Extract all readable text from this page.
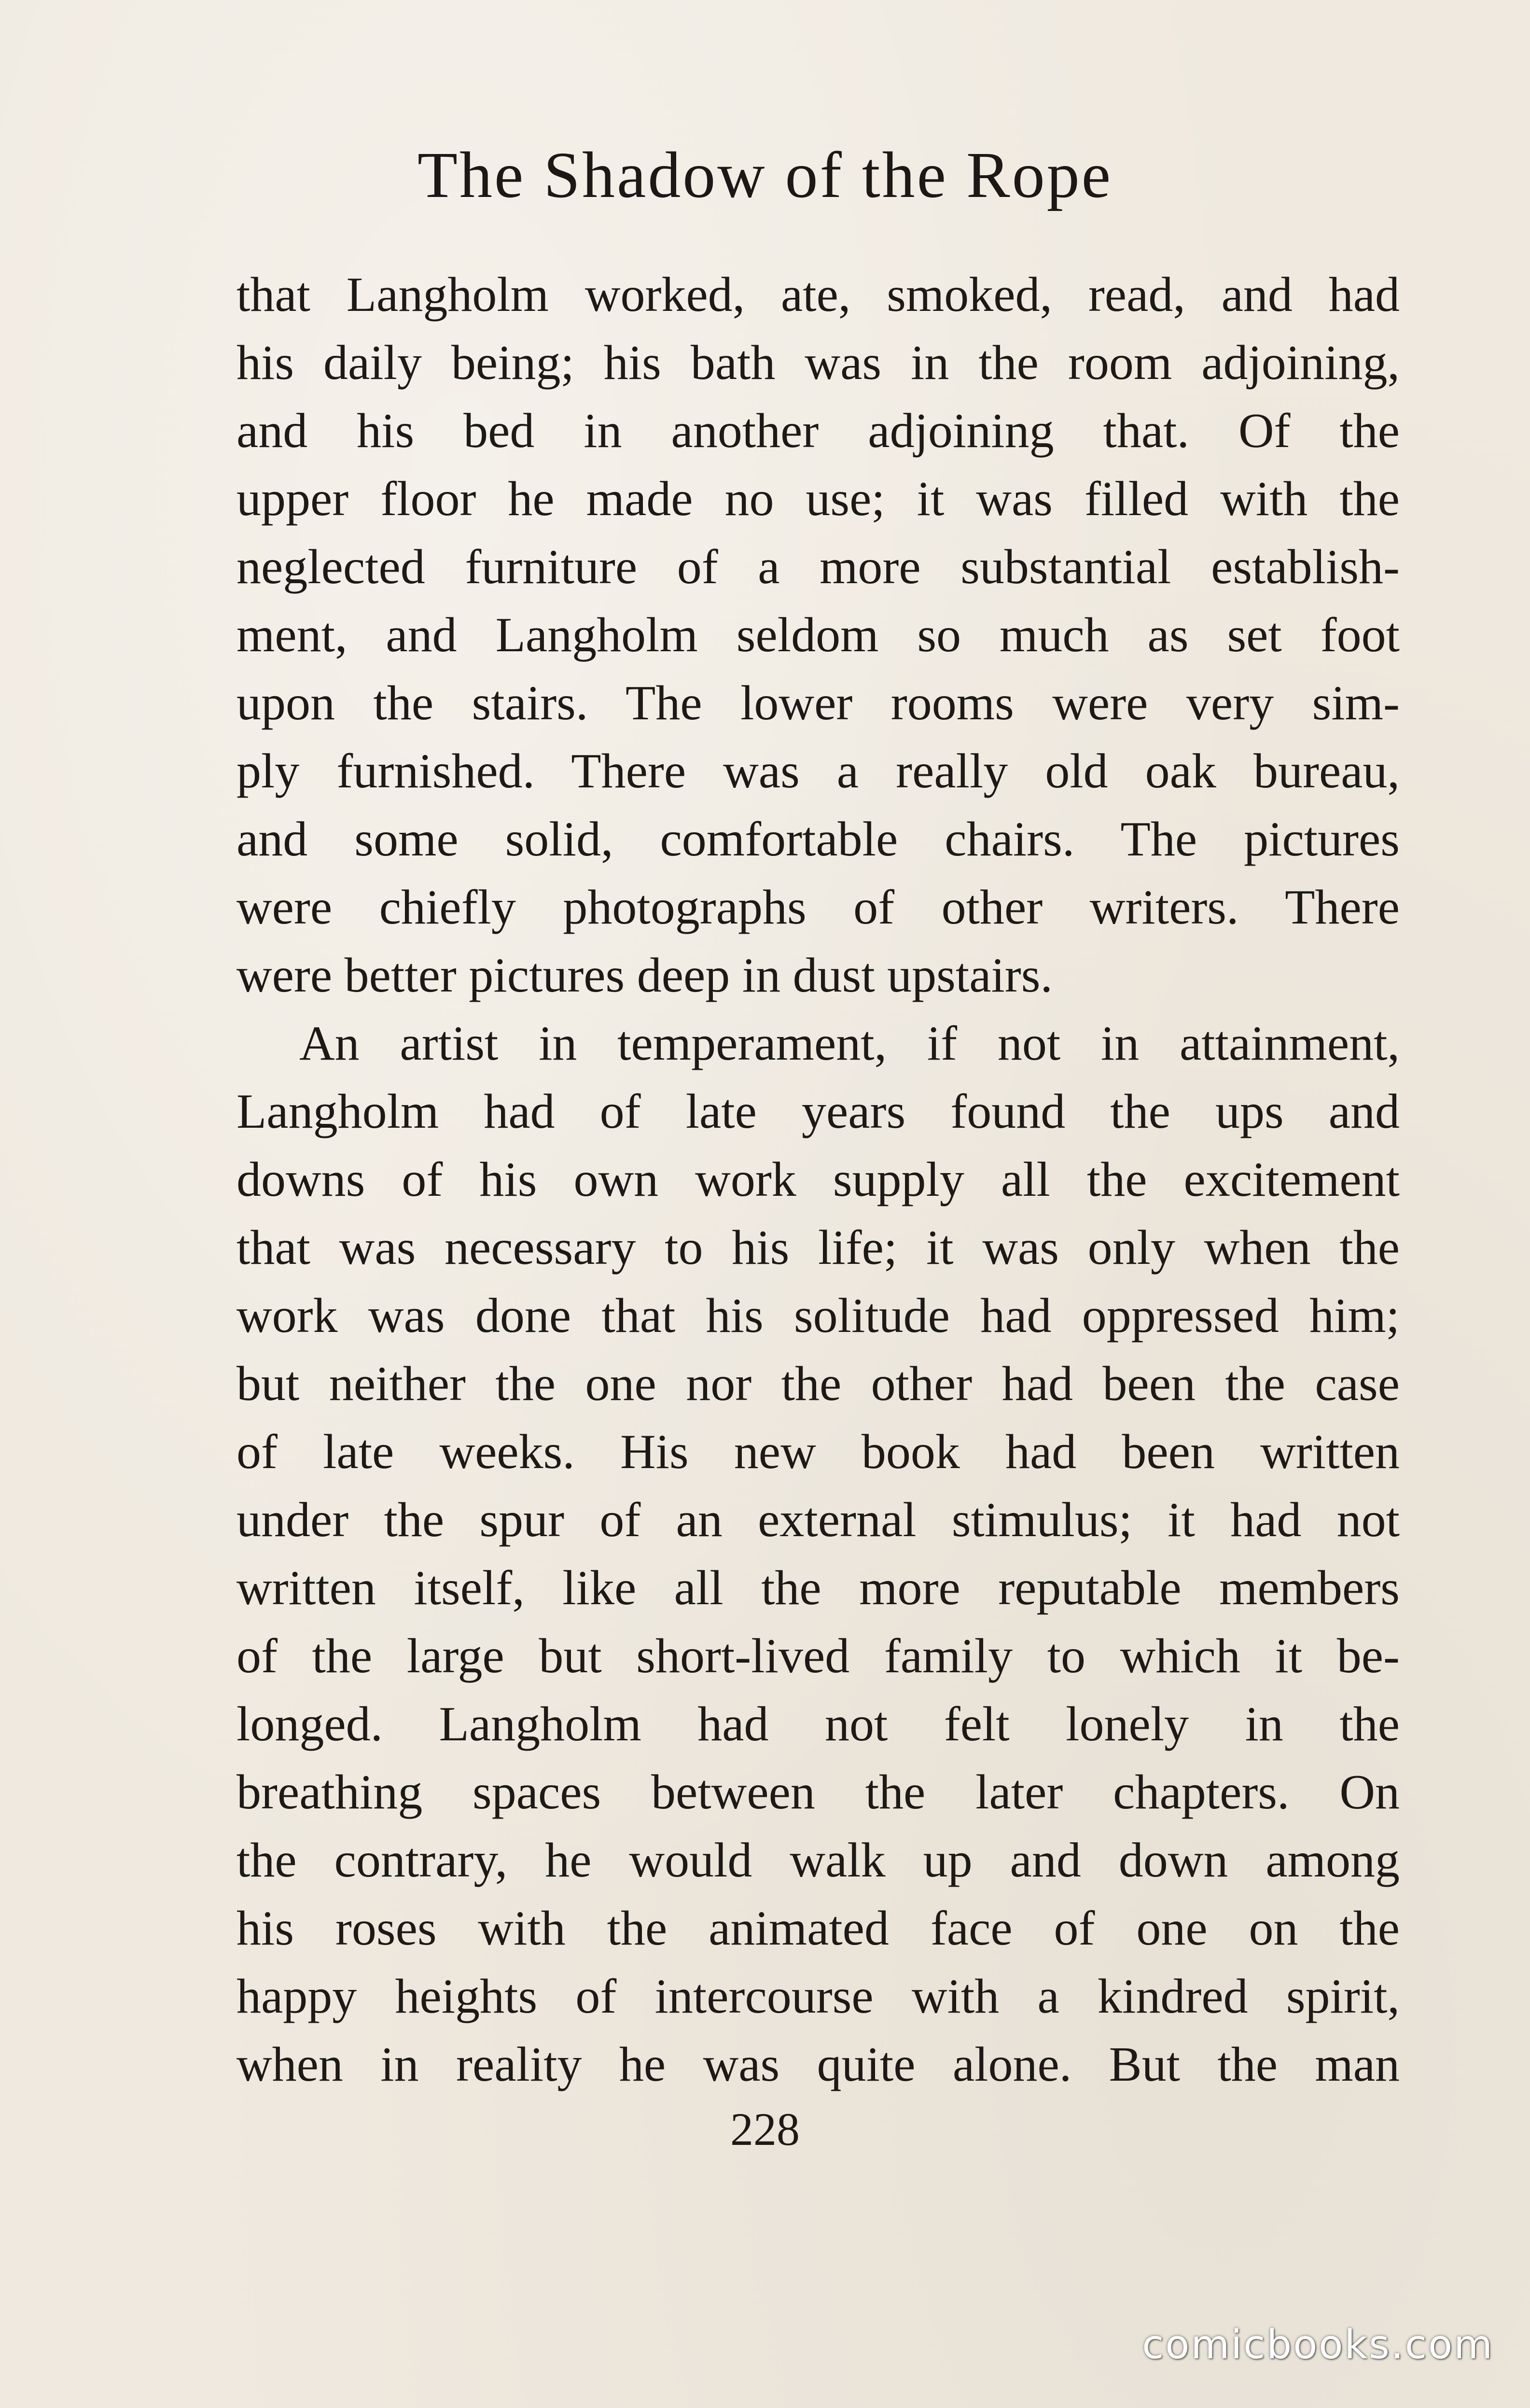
The Shadow of the Rope
that Langholm worked, ate, smoked, read, and had
his daily being; his bath was in the room adjoining,
and his bed in another adjoining that. Of the
upper floor he made no use; it was filled with the
neglected furniture of a more substantial establish-
ment, and Langholm seldom so much as set foot
upon the stairs. The lower rooms were very sim-
ply furnished. There was a really old oak bureau,
and some solid, comfortable chairs. The pictures
were chiefly photographs of other writers. There
were better pictures deep in dust upstairs.
An artist in temperament, if not in attainment,
Langholm had of late years found the ups and
downs of his own work supply all the excitement
that was necessary to his life; it was only when the
work was done that his solitude had oppressed him;
but neither the one nor the other had been the case
of late weeks. His new book had been written
under the spur of an external stimulus; it had not
written itself, like all the more reputable members
of the large but short-lived family to which it be-
longed. Langholm had not felt lonely in the
breathing spaces between the later chapters. On
the contrary, he would walk up and down among
his roses with the animated face of one on the
happy heights of intercourse with a kindred spirit,
when in reality he was quite alone. But the man
228
comicbooks.com
